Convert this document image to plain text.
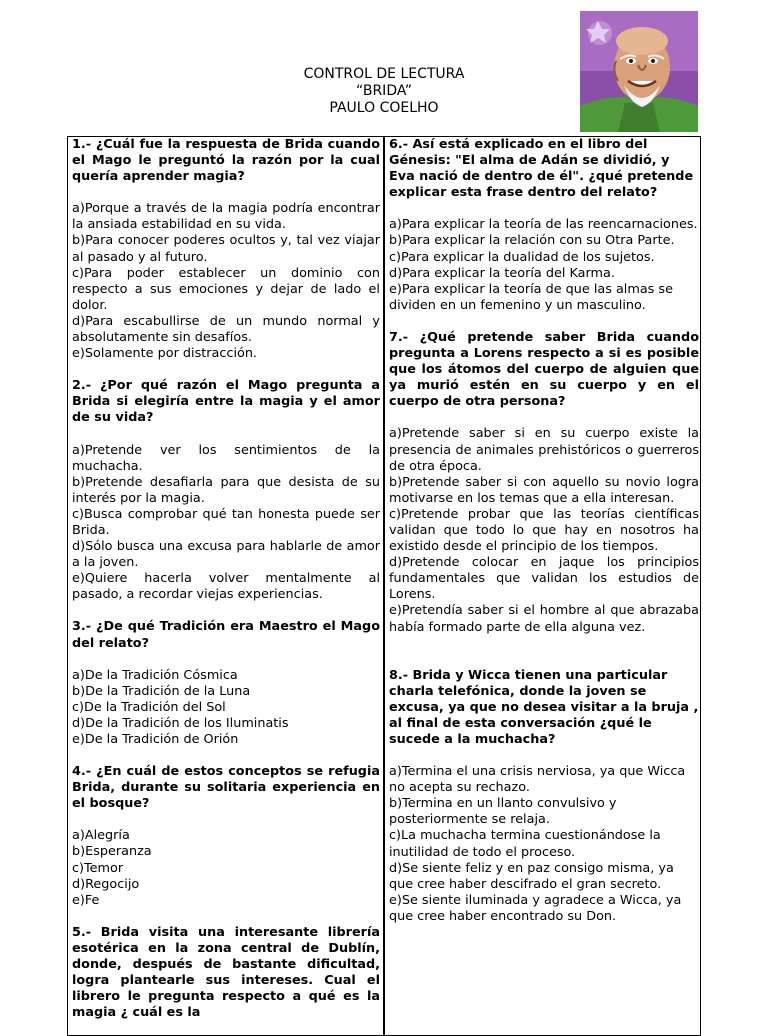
CONTROL DE LECTURA
“BRIDA”
PAULO COELHO
1.- ¿Cuál fue la respuesta de Brida cuando el Mago le preguntó la razón por la cual quería aprender magia?
a)Porque a través de la magia podría encontrar la ansiada estabilidad en su vida.
b)Para conocer poderes ocultos y, tal vez viajar al pasado y al futuro.
c)Para poder establecer un dominio con respecto a sus emociones y dejar de lado el dolor.
d)Para escabullirse de un mundo normal y absolutamente sin desafíos.
e)Solamente por distracción.
2.- ¿Por qué razón el Mago pregunta a Brida si elegiría entre la magia y el amor de su vida?
a)Pretende ver los sentimientos de la muchacha.
b)Pretende desafiarla para que desista de su interés por la magia.
c)Busca comprobar qué tan honesta puede ser Brida.
d)Sólo busca una excusa para hablarle de amor a la joven.
e)Quiere hacerla volver mentalmente al pasado, a recordar viejas experiencias.
3.- ¿De qué Tradición era Maestro el Mago del relato?
a)De la Tradición Cósmica
b)De la Tradición de la Luna
c)De la Tradición del Sol
d)De la Tradición de los Iluminatis
e)De la Tradición de Orión
4.- ¿En cuál de estos conceptos se refugia Brida, durante su solitaria experiencia en el bosque?
a)Alegría
b)Esperanza
c)Temor
d)Regocijo
e)Fe
5.- Brida visita una interesante librería esotérica en la zona central de Dublín, donde, después de bastante dificultad, logra plantearle sus intereses. Cual el librero le pregunta respecto a qué es la magia ¿ cuál es la
6.- Así está explicado en el libro del Génesis: "El alma de Adán se dividió, y Eva nació de dentro de él". ¿qué pretende explicar esta frase dentro del relato?
a)Para explicar la teoría de las reencarnaciones.
b)Para explicar la relación con su Otra Parte.
c)Para explicar la dualidad de los sujetos.
d)Para explicar la teoría del Karma.
e)Para explicar la teoría de que las almas se dividen en un femenino y un masculino.
7.- ¿Qué pretende saber Brida cuando pregunta a Lorens respecto a si es posible que los átomos del cuerpo de alguien que ya murió estén en su cuerpo y en el cuerpo de otra persona?
a)Pretende saber si en su cuerpo existe la presencia de animales prehistóricos o guerreros de otra época.
b)Pretende saber si con aquello su novio logra motivarse en los temas que a ella interesan.
c)Pretende probar que las teorías científicas validan que todo lo que hay en nosotros ha existido desde el principio de los tiempos.
d)Pretende colocar en jaque los principios fundamentales que validan los estudios de Lorens.
e)Pretendía saber si el hombre al que abrazaba había formado parte de ella alguna vez.
8.- Brida y Wicca tienen una particular charla telefónica, donde la joven se excusa, ya que no desea visitar a la bruja , al final de esta conversación ¿qué le sucede a la muchacha?
a)Termina el una crisis nerviosa, ya que Wicca no acepta su rechazo.
b)Termina en un llanto convulsivo y posteriormente se relaja.
c)La muchacha termina cuestionándose la inutilidad de todo el proceso.
d)Se siente feliz y en paz consigo misma, ya que cree haber descifrado el gran secreto.
e)Se siente iluminada y agradece a Wicca, ya que cree haber encontrado su Don.
